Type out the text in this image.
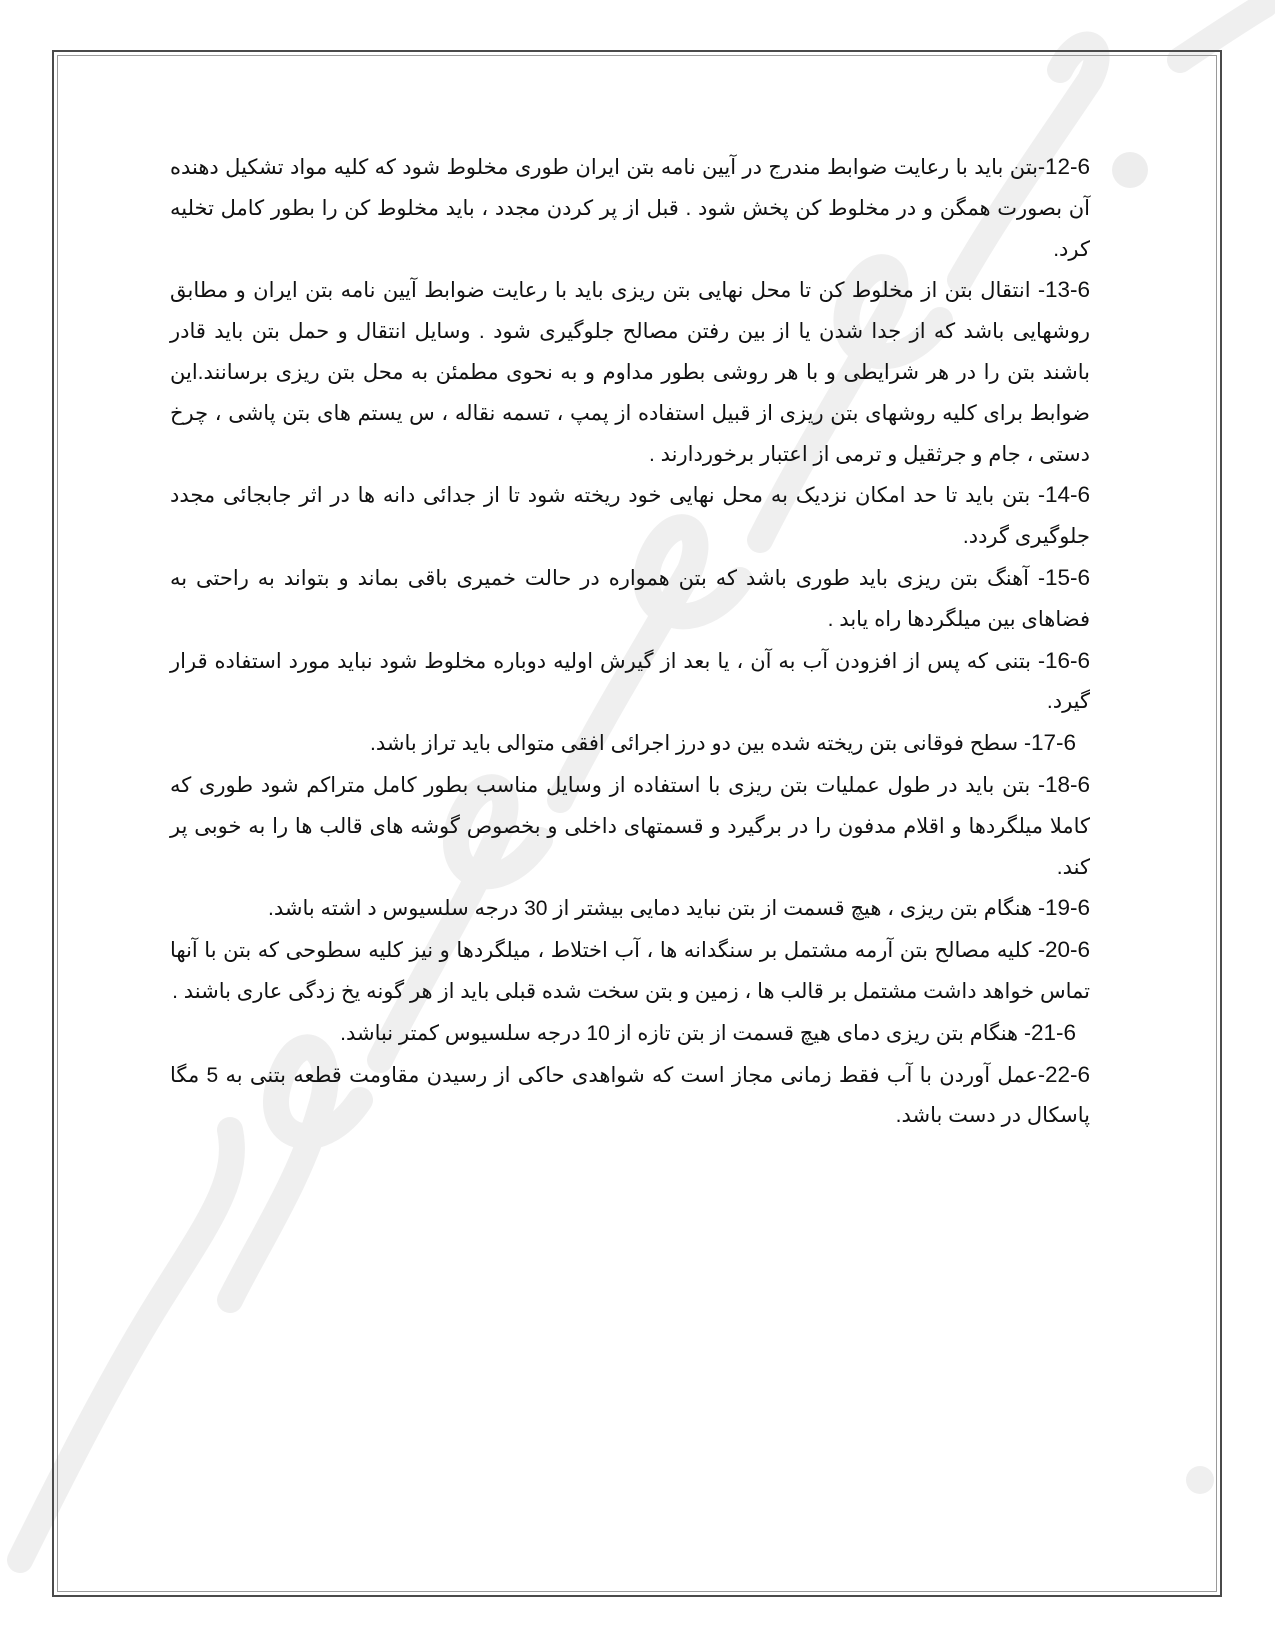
12-6-بتن باید با رعایت ضوابط مندرج در آیین نامه بتن ایران طوری مخلوط شود که کلیه مواد تشکیل دهنده آن بصورت همگن و در مخلوط کن پخش شود . قبل از پر کردن مجدد ، باید مخلوط کن را بطور کامل تخلیه کرد.

13-6- انتقال بتن از مخلوط کن تا محل نهایی بتن ریزی باید با رعایت ضوابط آیین نامه بتن ایران و مطابق روشهایی باشد که از جدا شدن یا از بین رفتن مصالح جلوگیری شود . وسایل انتقال و حمل بتن باید قادر باشند بتن را در هر شرایطی و با هر روشی بطور مداوم و به نحوی مطمئن به محل بتن ریزی برسانند.این ضوابط برای کلیه روشهای بتن ریزی از قبیل استفاده از پمپ ، تسمه نقاله ، س یستم های بتن پاشی ، چرخ دستی ، جام و جرثقیل و ترمی از اعتبار برخوردارند .

14-6- بتن باید تا حد امکان نزدیک به محل نهایی خود ریخته شود تا از جدائی دانه ها در اثر جابجائی مجدد جلوگیری گردد.

15-6- آهنگ بتن ریزی باید طوری باشد که بتن همواره در حالت خمیری باقی بماند و بتواند به راحتی به فضاهای بین میلگردها راه یابد .

16-6- بتنی که پس از افزودن آب به آن ، یا بعد از گیرش اولیه دوباره مخلوط شود نباید مورد استفاده قرار گیرد.

17-6- سطح فوقانی بتن ریخته شده بین دو درز اجرائی افقی متوالی باید تراز باشد.

18-6- بتن باید در طول عملیات بتن ریزی با استفاده از وسایل مناسب بطور کامل متراکم شود طوری که کاملا میلگردها و اقلام مدفون را در برگیرد و قسمتهای داخلی و بخصوص گوشه های قالب ها را به خوبی پر کند.

19-6- هنگام بتن ریزی ، هیچ قسمت از بتن نباید دمایی بیشتر از 30 درجه سلسیوس د اشته باشد.

20-6- کلیه مصالح بتن آرمه مشتمل بر سنگدانه ها ، آب اختلاط ، میلگردها و نیز کلیه سطوحی که بتن با آنها تماس خواهد داشت مشتمل بر قالب ها ، زمین و بتن سخت شده قبلی باید از هر گونه یخ زدگی عاری باشند .

21-6- هنگام بتن ریزی دمای هیچ قسمت از بتن تازه از 10 درجه سلسیوس کمتر نباشد.

22-6-عمل آوردن با آب فقط زمانی مجاز است که شواهدی حاکی از رسیدن مقاومت قطعه بتنی به 5 مگا پاسکال در دست باشد.
